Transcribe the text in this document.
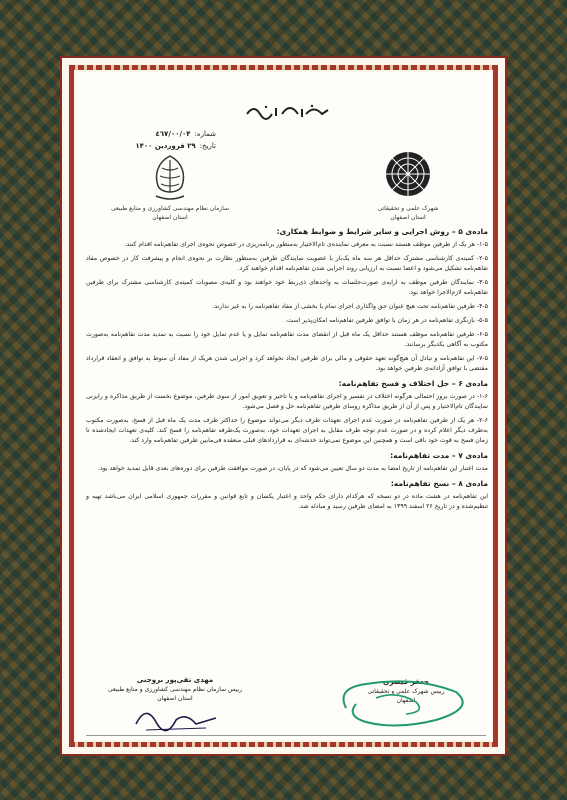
شماره:
۰۴/٤٦۷/۰۰
تاریخ:
۲۹ فروردین ۱۴۰۰
سازمان نظام مهندسی کشاورزی و منابع طبیعی
استان اصفهان
شهرک علمی و تحقیقاتی
استان اصفهان
ماده‌ی ۵ – روش اجرایی و سایر شرایط و ضوابط همکاری:

۱-۵- هر یک از طرفین موظف هستند نسبت به معرفی نماینده‌ی تام‌الاختیار به‌منظور برنامه‌ریزی در خصوص نحوه‌ی اجرای تفاهم‌نامه اقدام کنند.

۲-۵- کمیته‌ی کارشناسی مشترک حداقل هر سه ماه یک‌بار با عضویت نمایندگان طرفین به‌منظور نظارت بر نحوه‌ی انجام و پیشرفت کار در خصوص مفاد تفاهم‌نامه تشکیل می‌شود و اعضا نسبت به ارزیابی روند اجرایی شدن تفاهم‌نامه اقدام خواهند کرد.

۳-۵- نمایندگان طرفین موظف به ارایه‌ی صورت‌جلسات به واحدهای ذی‌ربط خود خواهند بود و کلیه‌ی مصوبات کمیته‌ی کارشناسی مشترک برای طرفین تفاهم‌نامه لازم‌الاجرا خواهد بود.

۴-۵- طرفین تفاهم‌نامه تحت هیچ عنوان حق واگذاری اجرای تمام یا بخشی از مفاد تفاهم‌نامه را به غیر ندارند.

۵-۵- بازنگری تفاهم‌نامه در هر زمان با توافق طرفین تفاهم‌نامه امکان‌پذیر است.

۶-۵- طرفین تفاهم‌نامه موظف هستند حداقل یک ماه قبل از انقضای مدت تفاهم‌نامه تمایل و یا عدم تمایل خود را نسبت به تمدید مدت تفاهم‌نامه به‌صورت مکتوب به آگاهی یکدیگر برسانند.

۷-۵- این تفاهم‌نامه و تبادل آن هیچ‌گونه تعهد حقوقی و مالی برای طرفین ایجاد نخواهد کرد و اجرایی شدن هریک از مفاد آن منوط به توافق و انعقاد قرارداد مقتضی با توافق آزادانه‌ی طرفین خواهد بود.

ماده‌ی ۶ – حل اختلاف و فسخ تفاهم‌نامه:

۱-۶- در صورت بروز احتمالی هرگونه اختلاف در تفسیر و اجرای تفاهم‌نامه و یا تاخیر و تعویق امور از سوی طرفین، موضوع نخست از طریق مذاکره و رایزنی نمایندگان تام‌الاختیار و پس از آن از طریق مذاکره روسای طرفین تفاهم‌نامه حل و فصل می‌شود.

۲-۶- هر یک از طرفین تفاهم‌نامه در صورت عدم اجرای تعهدات طرف دیگر می‌تواند موضوع را حداکثر ظرف مدت یک ماه قبل از فسخ، به‌صورت مکتوب به‌طرف دیگر اعلام کرده و در صورت عدم توجه طرف مقابل به اجرای تعهدات خود، به‌صورت یک‌طرفه تفاهم‌نامه را فسخ کند. کلیه‌ی تعهدات ایجادشده تا زمان فسخ به قوت خود باقی است و همچنین این موضوع نمی‌تواند خدشه‌ای به قراردادهای قبلی منعقده فی‌مابین طرفین تفاهم‌نامه وارد کند.

ماده‌ی ۷ – مدت تفاهم‌نامه:

مدت اعتبار این تفاهم‌نامه از تاریخ امضا به مدت دو سال تعیین می‌شود که در پایان، در صورت موافقت طرفین برای دوره‌های بعدی قابل تمدید خواهد بود.

ماده‌ی ۸ – نسخ تفاهم‌نامه:

این تفاهم‌نامه در هشت ماده در دو نسخه که هرکدام دارای حکم واحد و اعتبار یکسان و تابع قوانین و مقررات جمهوری اسلامی ایران می‌باشد تهیه و تنظیم‌شده و در تاریخ ۲۶ اسفند ۱۳۹۹ به امضای طرفین رسید و مبادله شد.

مهدی تقی‌پور بروجنی
رییس سازمان نظام مهندسی کشاورزی و منابع طبیعی
استان اصفهان
جعفر قیصری
رییس شهرک علمی و تحقیقاتی
اصفهان
